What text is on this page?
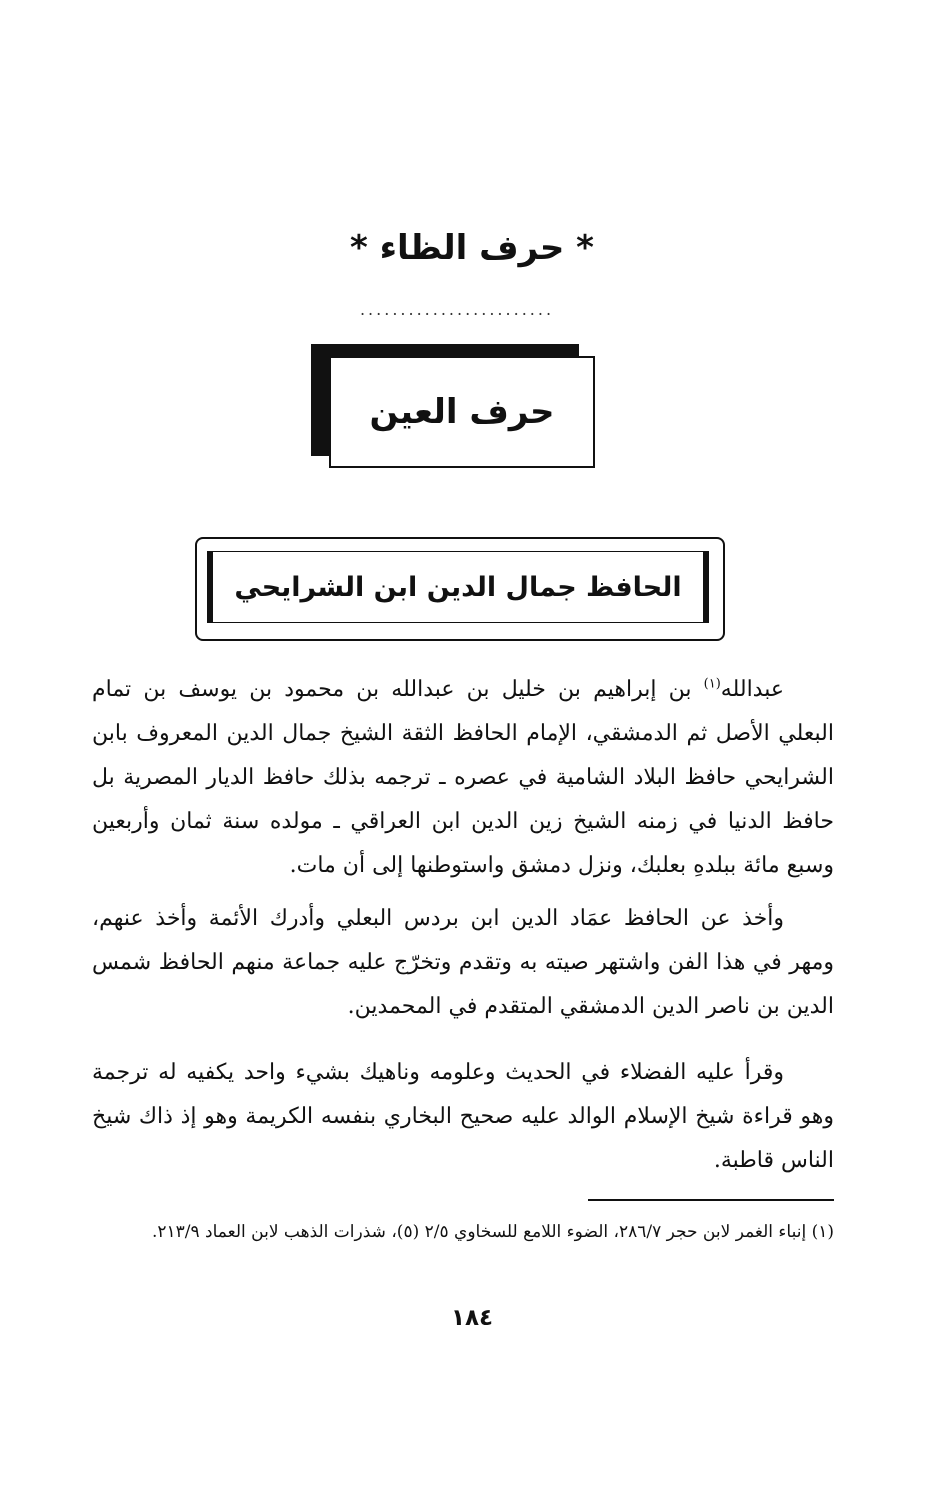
* حرف الظاء *
........................
حرف العين
الحافظ جمال الدين ابن الشرايحي

عبدالله$^{(١)}$ بن إبراهيم بن خليل بن عبدالله بن محمود بن يوسف بن تمام البعلي الأصل ثم الدمشقي، الإمام الحافظ الثقة الشيخ جمال الدين المعروف بابن الشرايحي حافظ البلاد الشامية في عصره ـ ترجمه بذلك حافظ الديار المصرية بل حافظ الدنيا في زمنه الشيخ زين الدين ابن العراقي ـ مولده سنة ثمان وأربعين وسبع مائة ببلدهِ بعلبك، ونزل دمشق واستوطنها إلى أن مات.

وأخذ عن الحافظ عمَاد الدين ابن بردس البعلي وأدرك الأئمة وأخذ عنهم، ومهر في هذا الفن واشتهر صيته به وتقدم وتخرّج عليه جماعة منهم الحافظ شمس الدين بن ناصر الدين الدمشقي المتقدم في المحمدين.

وقرأ عليه الفضلاء في الحديث وعلومه وناهيك بشيء واحد يكفيه له ترجمة وهو قراءة شيخ الإسلام الوالد عليه صحيح البخاري بنفسه الكريمة وهو إذ ذاك شيخ الناس قاطبة.

(١) إنباء الغمر لابن حجر ٢٨٦/٧، الضوء اللامع للسخاوي ٢/٥ (٥)، شذرات الذهب لابن العماد ٢١٣/٩.

١٨٤
